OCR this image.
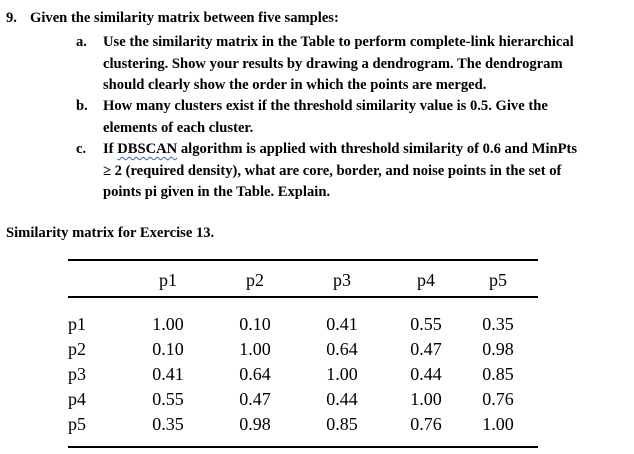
9. Given the similarity matrix between five samples:
a. Use the similarity matrix in the Table to perform complete-link hierarchical
clustering. Show your results by drawing a dendrogram. The dendrogram
should clearly show the order in which the points are merged.
b. How many clusters exist if the threshold similarity value is 0.5. Give the
elements of each cluster.
c. If DBSCAN algorithm is applied with threshold similarity of 0.6 and MinPts
≥ 2 (required density), what are core, border, and noise points in the set of
points pi given in the Table. Explain.
Similarity matrix for Exercise 13.
p1	p2	p3	p4	p5
p1	1.00	0.10	0.41	0.55 0.35
p2	0.10	1.00	0.64	0.47 0.98
p3	0.41	0.64	1.00	0.44 0.85
p4	0.55	0.47	0.44	1.00 0.76
p5	0.35	0.98	0.85	0.76 1.00
